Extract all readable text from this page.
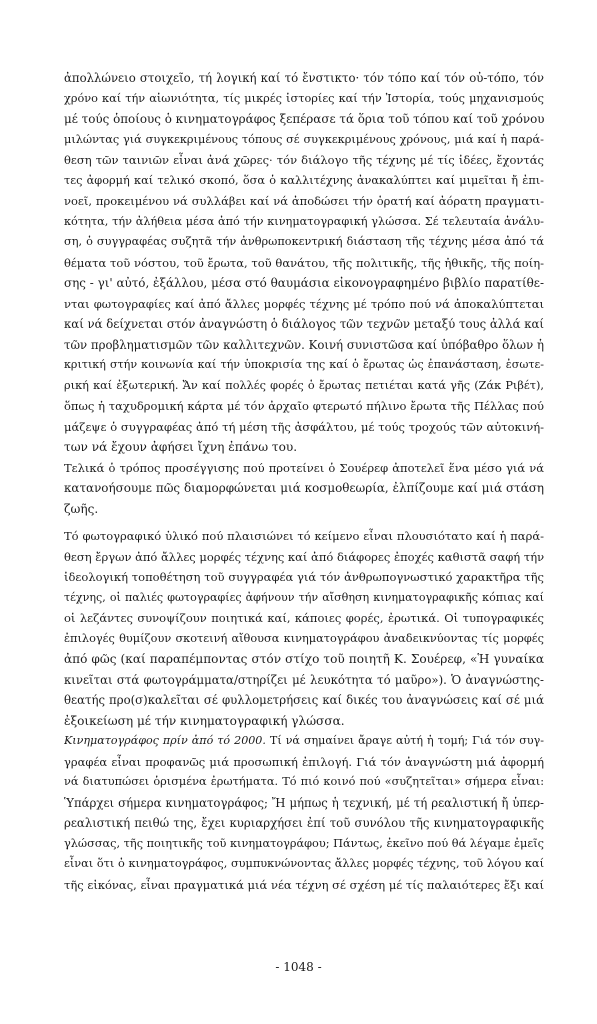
ἀπολλώνειο στοιχεῖο, τή λογική καί τό ἔνστικτο· τόν τόπο καί τόν οὐ-τόπο, τόν
χρόνο καί τήν αἰωνιότητα, τίς μικρές ἱστορίες καί τήν Ἱστορία, τούς μηχανισμούς
μέ τούς ὁποίους ὁ κινηματογράφος ξεπέρασε τά ὅρια τοῦ τόπου καί τοῦ χρόνου
μιλώντας γιά συγκεκριμένους τόπους σέ συγκεκριμένους χρόνους, μιά καί ἡ παρά-
θεση τῶν ταινιῶν εἶναι ἀνά χῶρες· τόν διάλογο τῆς τέχνης μέ τίς ἰδέες, ἔχοντάς
τες ἀφορμή καί τελικό σκοπό, ὅσα ὁ καλλιτέχνης ἀνακαλύπτει καί μιμεῖται ἤ ἐπι-
νοεῖ, προκειμένου νά συλλάβει καί νά ἀποδώσει τήν ὁρατή καί ἀόρατη πραγματι-
κότητα, τήν ἀλήθεια μέσα ἀπό τήν κινηματογραφική γλώσσα. Σέ τελευταία ἀνάλυ-
ση, ὁ συγγραφέας συζητᾶ τήν ἀνθρωποκεντρική διάσταση τῆς τέχνης μέσα ἀπό τά
θέματα τοῦ νόστου, τοῦ ἔρωτα, τοῦ θανάτου, τῆς πολιτικῆς, τῆς ἠθικῆς, τῆς ποίη-
σης - γι' αὐτό, ἐξάλλου, μέσα στό θαυμάσια εἰκονογραφημένο βιβλίο παρατίθε-
νται φωτογραφίες καί ἀπό ἄλλες μορφές τέχνης μέ τρόπο πού νά ἀποκαλύπτεται
καί νά δείχνεται στόν ἀναγνώστη ὁ διάλογος τῶν τεχνῶν μεταξύ τους ἀλλά καί
τῶν προβληματισμῶν τῶν καλλιτεχνῶν. Κοινή συνιστῶσα καί ὑπόβαθρο ὅλων ἡ
κριτική στήν κοινωνία καί τήν ὑποκρισία της καί ὁ ἔρωτας ὡς ἐπανάσταση, ἐσωτε-
ρική καί ἐξωτερική. Ἄν καί πολλές φορές ὁ ἔρωτας πετιέται κατά γῆς (Ζάκ Ριβέτ),
ὅπως ἡ ταχυδρομική κάρτα μέ τόν ἀρχαῖο φτερωτό πήλινο ἔρωτα τῆς Πέλλας πού
μάζεψε ὁ συγγραφέας ἀπό τή μέση τῆς ἀσφάλτου, μέ τούς τροχούς τῶν αὐτοκινή-
των νά ἔχουν ἀφήσει ἴχνη ἐπάνω του.
Τελικά ὁ τρόπος προσέγγισης πού προτείνει ὁ Σουέρεφ ἀποτελεῖ ἕνα μέσο γιά νά
κατανοήσουμε πῶς διαμορφώνεται μιά κοσμοθεωρία, ἐλπίζουμε καί μιά στάση
ζωῆς.
Τό φωτογραφικό ὑλικό πού πλαισιώνει τό κείμενο εἶναι πλουσιότατο καί ἡ παρά-
θεση ἔργων ἀπό ἄλλες μορφές τέχνης καί ἀπό διάφορες ἐποχές καθιστᾶ σαφή τήν
ἰδεολογική τοποθέτηση τοῦ συγγραφέα γιά τόν ἀνθρωπογνωστικό χαρακτῆρα τῆς
τέχνης, οἱ παλιές φωτογραφίες ἀφήνουν τήν αἴσθηση κινηματογραφικῆς κόπιας καί
οἱ λεζάντες συνοψίζουν ποιητικά καί, κάποιες φορές, ἐρωτικά. Οἱ τυπογραφικές
ἐπιλογές θυμίζουν σκοτεινή αἴθουσα κινηματογράφου ἀναδεικνύοντας τίς μορφές
ἀπό φῶς (καί παραπέμποντας στόν στίχο τοῦ ποιητῆ Κ. Σουέρεφ, «Ἡ γυναίκα
κινεῖται στά φωτογράμματα/στηρίζει μέ λευκότητα τό μαῦρο»). Ὁ ἀναγνώστης-
θεατής προ(σ)καλεῖται σέ φυλλομετρήσεις καί δικές του ἀναγνώσεις καί σέ μιά
ἐξοικείωση μέ τήν κινηματογραφική γλώσσα.
Κινηματογράφος πρίν ἀπό τό 2000. Τί νά σημαίνει ἄραγε αὐτή ἡ τομή; Γιά τόν συγ-
γραφέα εἶναι προφανῶς μιά προσωπική ἐπιλογή. Γιά τόν ἀναγνώστη μιά ἀφορμή
νά διατυπώσει ὁρισμένα ἐρωτήματα. Τό πιό κοινό πού «συζητεῖται» σήμερα εἶναι:
Ὑπάρχει σήμερα κινηματογράφος; Ἤ μήπως ἡ τεχνική, μέ τή ρεαλιστική ἤ ὑπερ-
ρεαλιστική πειθώ της, ἔχει κυριαρχήσει ἐπί τοῦ συνόλου τῆς κινηματογραφικῆς
γλώσσας, τῆς ποιητικῆς τοῦ κινηματογράφου; Πάντως, ἐκεῖνο πού θά λέγαμε ἐμεῖς
εἶναι ὅτι ὁ κινηματογράφος, συμπυκνώνοντας ἄλλες μορφές τέχνης, τοῦ λόγου καί
τῆς εἰκόνας, εἶναι πραγματικά μιά νέα τέχνη σέ σχέση μέ τίς παλαιότερες ἔξι καί
- 1048 -
